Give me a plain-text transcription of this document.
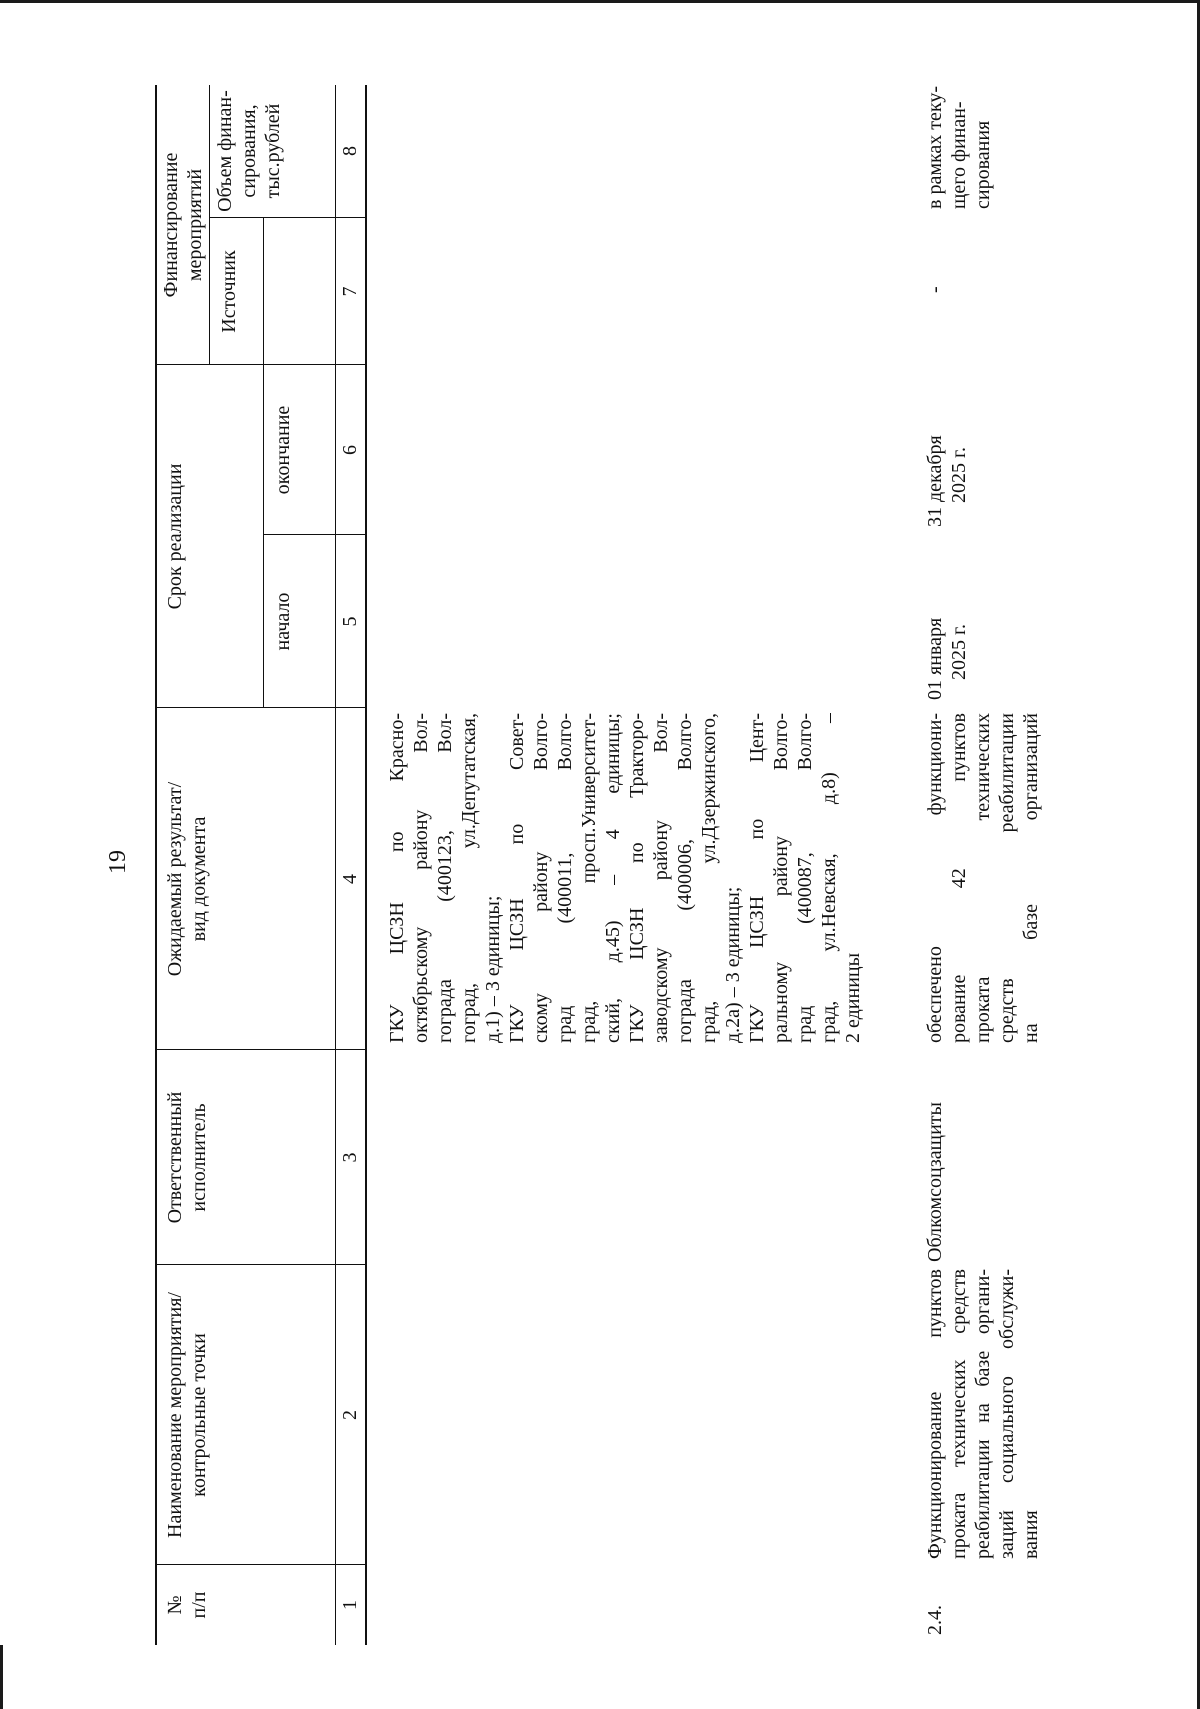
19
№ п/п
Наименование мероприятия/ контрольные точки
Ответственный исполнитель
Ожидаемый результат/ вид документа
Срок реализации
начало
окончание
Финансирование мероприятий
Источник
Объем финан- сирования, тыс.рублей
1
2
3
4
5
6
7
8
ГКУ ЦСЗН по Красно- октябрьскому району Вол- гограда (400123, Вол- гоград, ул.Депутатская, д.1) – 3 единицы; ГКУ ЦСЗН по Совет- скому району Волго- град (400011, Волго- град, просп.Университет- ский, д.45) – 4 единицы; ГКУ ЦСЗН по Тракторо- заводскому району Вол- гограда (400006, Волго- град, ул.Дзержинского, д.2а) – 3 единицы; ГКУ ЦСЗН по Цент- ральному району Волго- град (400087, Волго- град, ул.Невская, д.8) – 2 единицы
2.4.
Функционирование пунктов проката технических средств реабилитации на базе органи- заций социального обслужи- вания
Облкомсоцзащиты
обеспечено функциони- рование 42 пунктов проката технических средств реабилитации на базе организаций
01 января 2025 г.
31 декабря 2025 г.
-
в рамках теку- щего финан- сирования
